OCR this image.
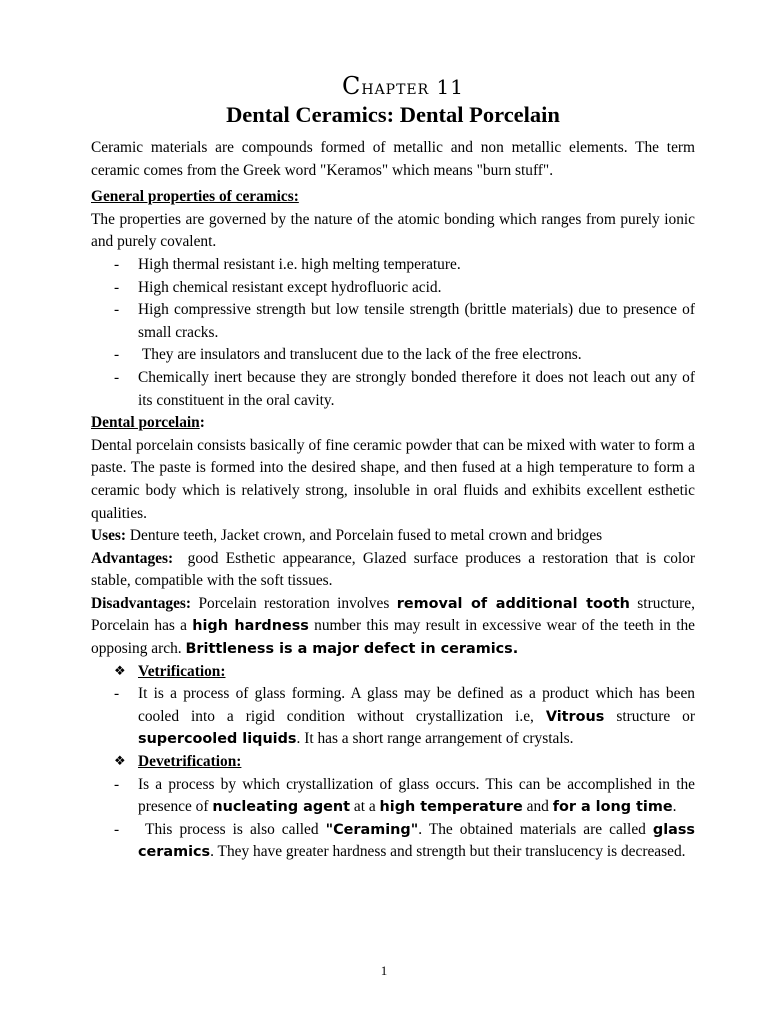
Chapter 11
Dental Ceramics: Dental Porcelain

Ceramic materials are compounds formed of metallic and non metallic elements. The term ceramic comes from the Greek word "Keramos" which means "burn stuff".

General properties of ceramics:

The properties are governed by the nature of the atomic bonding which ranges from purely ionic and purely covalent.

- High thermal resistant i.e. high melting temperature.
- High chemical resistant except hydrofluoric acid.
- High compressive strength but low tensile strength (brittle materials) due to presence of small cracks.
- They are insulators and translucent due to the lack of the free electrons.
- Chemically inert because they are strongly bonded therefore it does not leach out any of its constituent in the oral cavity.

Dental porcelain:

Dental porcelain consists basically of fine ceramic powder that can be mixed with water to form a paste. The paste is formed into the desired shape, and then fused at a high temperature to form a ceramic body which is relatively strong, insoluble in oral fluids and exhibits excellent esthetic qualities.

Uses: Denture teeth, Jacket crown, and Porcelain fused to metal crown and bridges

Advantages:  good Esthetic appearance, Glazed surface produces a restoration that is color stable, compatible with the soft tissues.

Disadvantages: Porcelain restoration involves removal of additional tooth structure, Porcelain has a high hardness number this may result in excessive wear of the teeth in the opposing arch. Brittleness is a major defect in ceramics.

❖ Vetrification:
- It is a process of glass forming. A glass may be defined as a product which has been cooled into a rigid condition without crystallization i.e, Vitrous structure or supercooled liquids. It has a short range arrangement of crystals.
❖ Devetrification:
- Is a process by which crystallization of glass occurs. This can be accomplished in the presence of nucleating agent at a high temperature and for a long time.
- This process is also called "Ceraming". The obtained materials are called glass ceramics. They have greater hardness and strength but their translucency is decreased.
1
